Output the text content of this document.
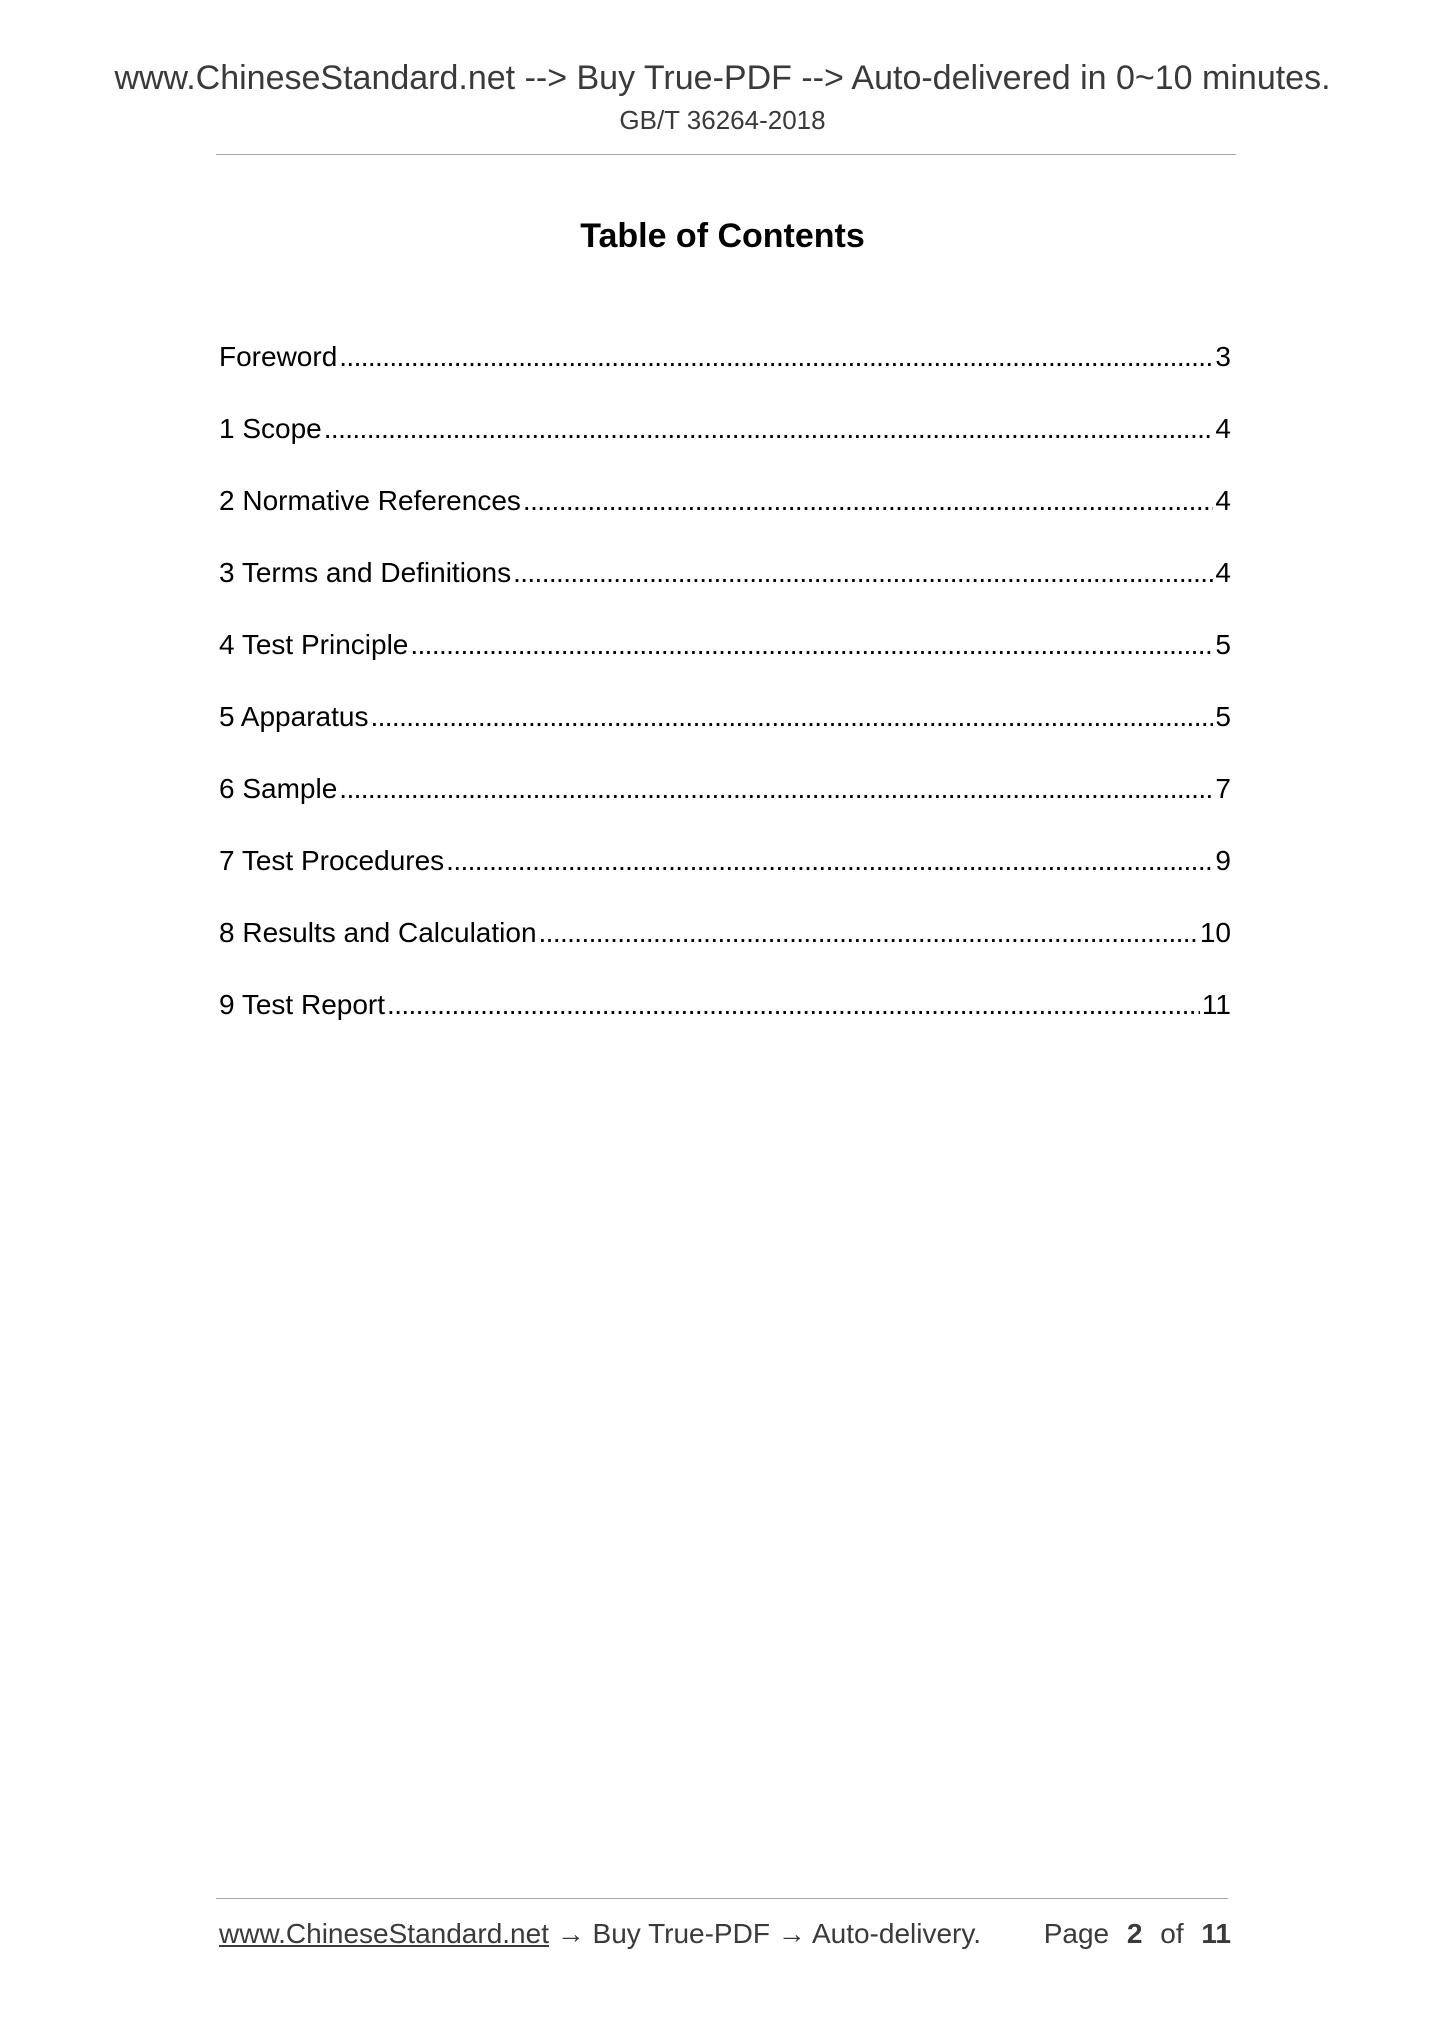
www.ChineseStandard.net --> Buy True-PDF --> Auto-delivered in 0~10 minutes.
GB/T 36264-2018
Table of Contents
Foreword . . .	3
1 Scope . . .	4
2 Normative References . . .	4
3 Terms and Definitions . . .	4
4 Test Principle . . .	5
5 Apparatus . . .	5
6 Sample . . .	7
7 Test Procedures . . .	9
8 Results and Calculation . . .	10
9 Test Report . . .	11
www.ChineseStandard.net → Buy True-PDF → Auto-delivery. Page 2 of 11
